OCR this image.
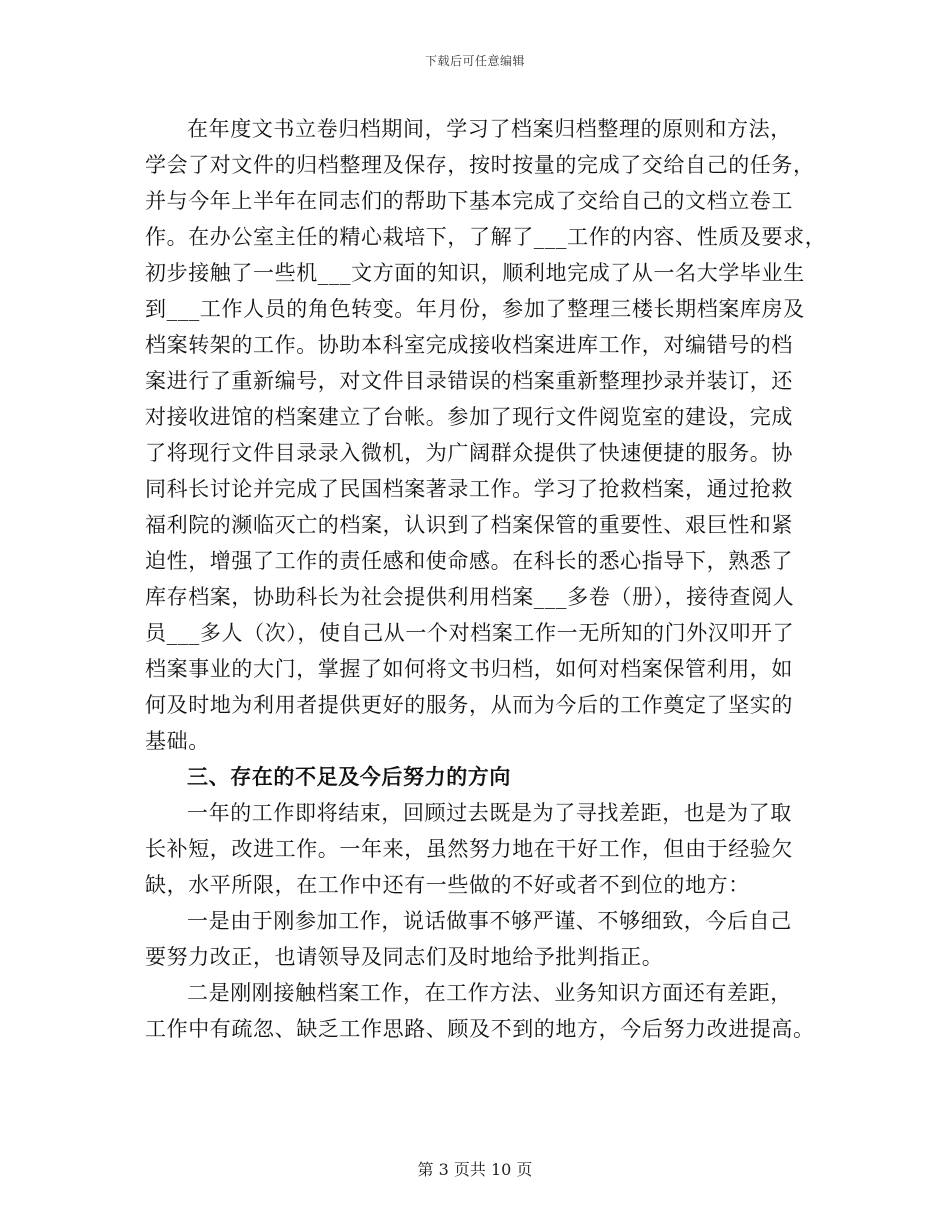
下载后可任意编辑
在年度文书立卷归档期间，学习了档案归档整理的原则和方法，
学会了对文件的归档整理及保存，按时按量的完成了交给自己的任务，
并与今年上半年在同志们的帮助下基本完成了交给自己的文档立卷工
作。在办公室主任的精心栽培下，了解了___工作的内容、性质及要求，
初步接触了一些机___文方面的知识，顺利地完成了从一名大学毕业生
到___工作人员的角色转变。年月份，参加了整理三楼长期档案库房及
档案转架的工作。协助本科室完成接收档案进库工作，对编错号的档
案进行了重新编号，对文件目录错误的档案重新整理抄录并装订，还
对接收进馆的档案建立了台帐。参加了现行文件阅览室的建设，完成
了将现行文件目录录入微机，为广阔群众提供了快速便捷的服务。协
同科长讨论并完成了民国档案著录工作。学习了抢救档案，通过抢救
福利院的濒临灭亡的档案，认识到了档案保管的重要性、艰巨性和紧
迫性，增强了工作的责任感和使命感。在科长的悉心指导下，熟悉了
库存档案，协助科长为社会提供利用档案___多卷（册），接待查阅人
员___多人（次），使自己从一个对档案工作一无所知的门外汉叩开了
档案事业的大门，掌握了如何将文书归档，如何对档案保管利用，如
何及时地为利用者提供更好的服务，从而为今后的工作奠定了坚实的
基础。
三、存在的不足及今后努力的方向
一年的工作即将结束，回顾过去既是为了寻找差距，也是为了取
长补短，改进工作。一年来，虽然努力地在干好工作，但由于经验欠
缺，水平所限，在工作中还有一些做的不好或者不到位的地方：
一是由于刚参加工作，说话做事不够严谨、不够细致，今后自己
要努力改正，也请领导及同志们及时地给予批判指正。
二是刚刚接触档案工作，在工作方法、业务知识方面还有差距，
工作中有疏忽、缺乏工作思路、顾及不到的地方，今后努力改进提高。
第 3 页共 10 页
